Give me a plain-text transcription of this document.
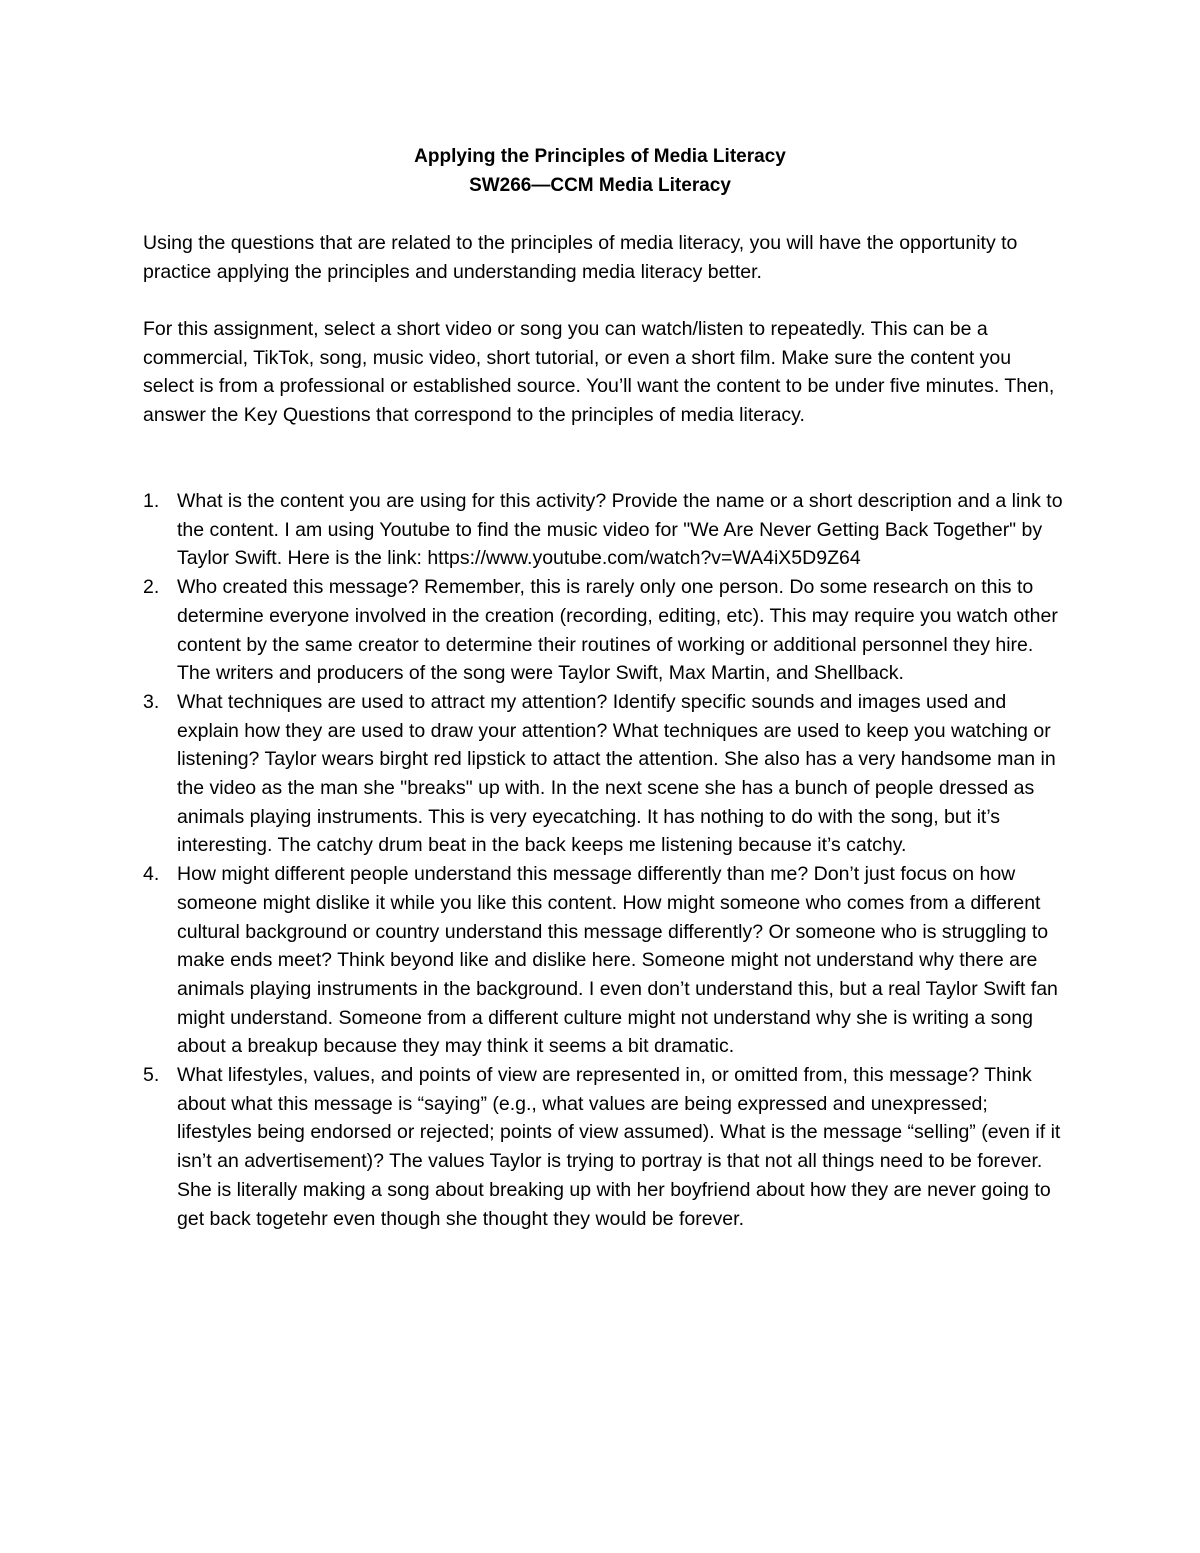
Applying the Principles of Media Literacy
SW266—CCM Media Literacy
Using the questions that are related to the principles of media literacy, you will have the opportunity to practice applying the principles and understanding media literacy better.
For this assignment, select a short video or song you can watch/listen to repeatedly. This can be a commercial, TikTok, song, music video, short tutorial, or even a short film. Make sure the content you select is from a professional or established source. You’ll want the content to be under five minutes. Then, answer the Key Questions that correspond to the principles of media literacy.
1. What is the content you are using for this activity? Provide the name or a short description and a link to the content. I am using Youtube to find the music video for "We Are Never Getting Back Together" by Taylor Swift. Here is the link: https://www.youtube.com/watch?v=WA4iX5D9Z64
2. Who created this message? Remember, this is rarely only one person. Do some research on this to determine everyone involved in the creation (recording, editing, etc). This may require you watch other content by the same creator to determine their routines of working or additional personnel they hire. The writers and producers of the song were Taylor Swift, Max Martin, and Shellback.
3. What techniques are used to attract my attention? Identify specific sounds and images used and explain how they are used to draw your attention? What techniques are used to keep you watching or listening? Taylor wears birght red lipstick to attact the attention. She also has a very handsome man in the video as the man she "breaks" up with. In the next scene she has a bunch of people dressed as animals playing instruments. This is very eyecatching. It has nothing to do with the song, but it’s interesting. The catchy drum beat in the back keeps me listening because it’s catchy.
4. How might different people understand this message differently than me? Don’t just focus on how someone might dislike it while you like this content. How might someone who comes from a different cultural background or country understand this message differently? Or someone who is struggling to make ends meet? Think beyond like and dislike here. Someone might not understand why there are animals playing instruments in the background. I even don’t understand this, but a real Taylor Swift fan might understand. Someone from a different culture might not understand why she is writing a song about a breakup because they may think it seems a bit dramatic.
5. What lifestyles, values, and points of view are represented in, or omitted from, this message? Think about what this message is “saying” (e.g., what values are being expressed and unexpressed; lifestyles being endorsed or rejected; points of view assumed). What is the message “selling” (even if it isn’t an advertisement)? The values Taylor is trying to portray is that not all things need to be forever. She is literally making a song about breaking up with her boyfriend about how they are never going to get back togetehr even though she thought they would be forever.
